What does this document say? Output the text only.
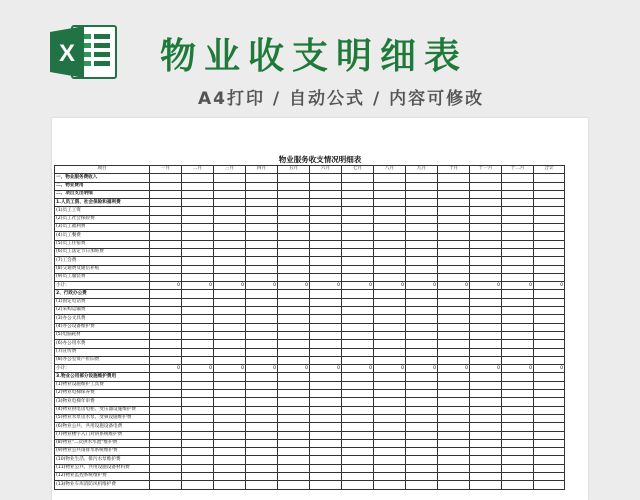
X 物业收支明细表
A4打印 / 自动公式 / 内容可修改
物业服务收支情况明细表
项目	一月	二月	三月	四月	五月	六月	七月	八月	九月	十月	十一月	十二月	合计
一、物业服务费收入													
二、物业费用													
二、项目支出明细													
1.人员工资、社会保险和福利费													
(1)员工工资													
(2)员工社会保险费													
(3)员工福利费													
(4)员工餐费													
(5)员工住宿费													
(6)员工法定节日加班费													
(7)工会费													
(8)交通费及通信补贴													
(9)员工服装费													
小计:	0	0	0	0	0	0	0	0	0	0	0	0	0
2、行政办公费													
(1)固定电话费													
(2)采购运输费													
(3)办公文具费													
(4)办公设备维护费													
(5)电脑耗材													
(6)办公用水费													
(7)宣传费													
(8)办公室资产折旧费													
小计:	0	0	0	0	0	0	0	0	0	0	0	0	0
3.物业公用部分设施维护费用													
(1)物业设施维护工具费													
(2)物业电梯保养费													
(3)物业电梯年审费													
(4)物业供电房电柜、变压器设施维护费													
(5)物业水泵房水泵、变频设施维护费													
(6)物业公共、共用设施设备电费													
(7)物业楼宇入门对讲系统维护费													
(8)物业"二次供水水池"维护费													
(9)物业公共雨排水系统维护费													
(10)物业生活、排污水泵维护费													
(11)物业公共、共用设施设备材料费													
(12)物业监控系统维护费													
(13)物业车库消防风机维护费													
